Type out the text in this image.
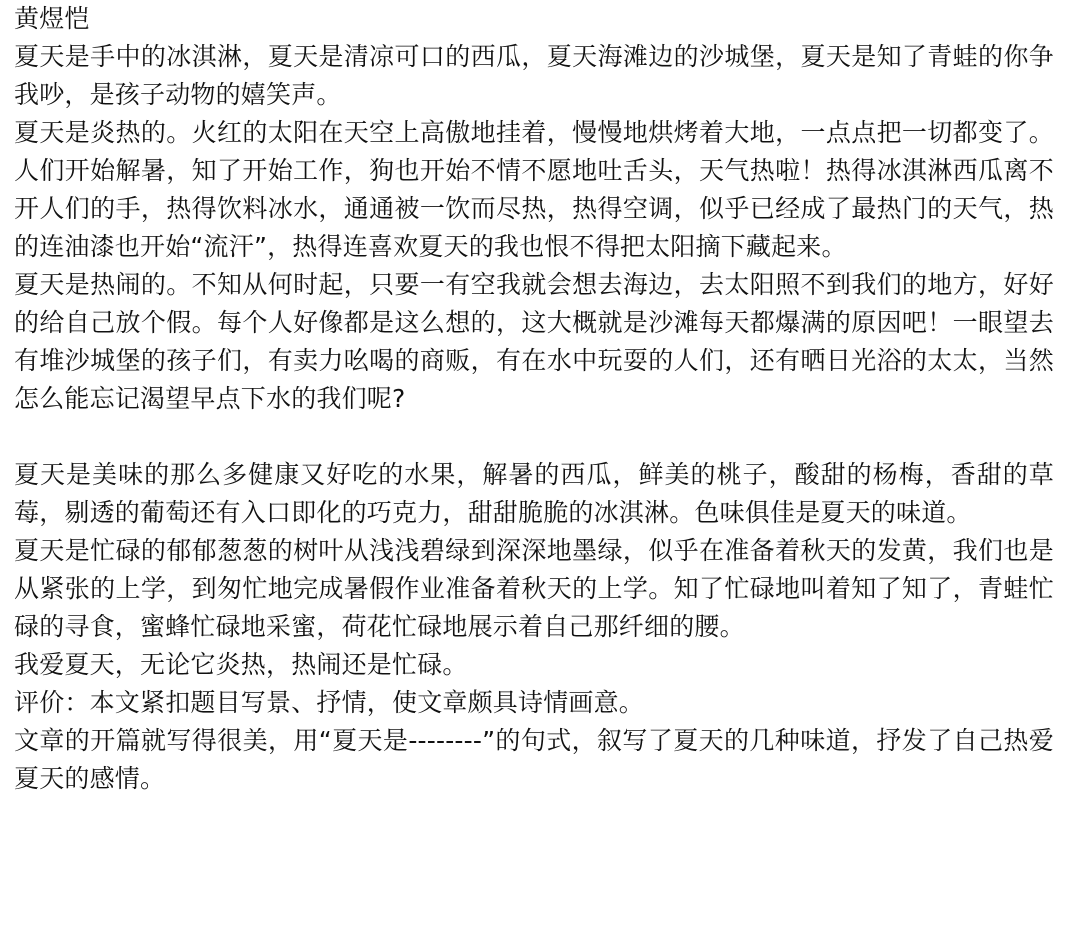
黄煜恺

夏天是手中的冰淇淋，夏天是清凉可口的西瓜，夏天海滩边的沙城堡，夏天是知了青蛙的你争我吵，是孩子动物的嬉笑声。

夏天是炎热的。火红的太阳在天空上高傲地挂着，慢慢地烘烤着大地，一点点把一切都变了。人们开始解暑，知了开始工作，狗也开始不情不愿地吐舌头，天气热啦！热得冰淇淋西瓜离不开人们的手，热得饮料冰水，通通被一饮而尽热，热得空调，似乎已经成了最热门的天气，热的连油漆也开始“流汗”，热得连喜欢夏天的我也恨不得把太阳摘下藏起来。

夏天是热闹的。不知从何时起，只要一有空我就会想去海边，去太阳照不到我们的地方，好好的给自己放个假。每个人好像都是这么想的，这大概就是沙滩每天都爆满的原因吧！一眼望去有堆沙城堡的孩子们，有卖力吆喝的商贩，有在水中玩耍的人们，还有晒日光浴的太太，当然怎么能忘记渴望早点下水的我们呢?

夏天是美味的那么多健康又好吃的水果，解暑的西瓜，鲜美的桃子，酸甜的杨梅，香甜的草莓，剔透的葡萄还有入口即化的巧克力，甜甜脆脆的冰淇淋。色味俱佳是夏天的味道。

夏天是忙碌的郁郁葱葱的树叶从浅浅碧绿到深深地墨绿，似乎在准备着秋天的发黄，我们也是从紧张的上学，到匆忙地完成暑假作业准备着秋天的上学。知了忙碌地叫着知了知了，青蛙忙碌的寻食，蜜蜂忙碌地采蜜，荷花忙碌地展示着自己那纤细的腰。

我爱夏天，无论它炎热，热闹还是忙碌。

评价：本文紧扣题目写景、抒情，使文章颇具诗情画意。

文章的开篇就写得很美，用“夏天是--------”的句式，叙写了夏天的几种味道，抒发了自己热爱夏天的感情。
